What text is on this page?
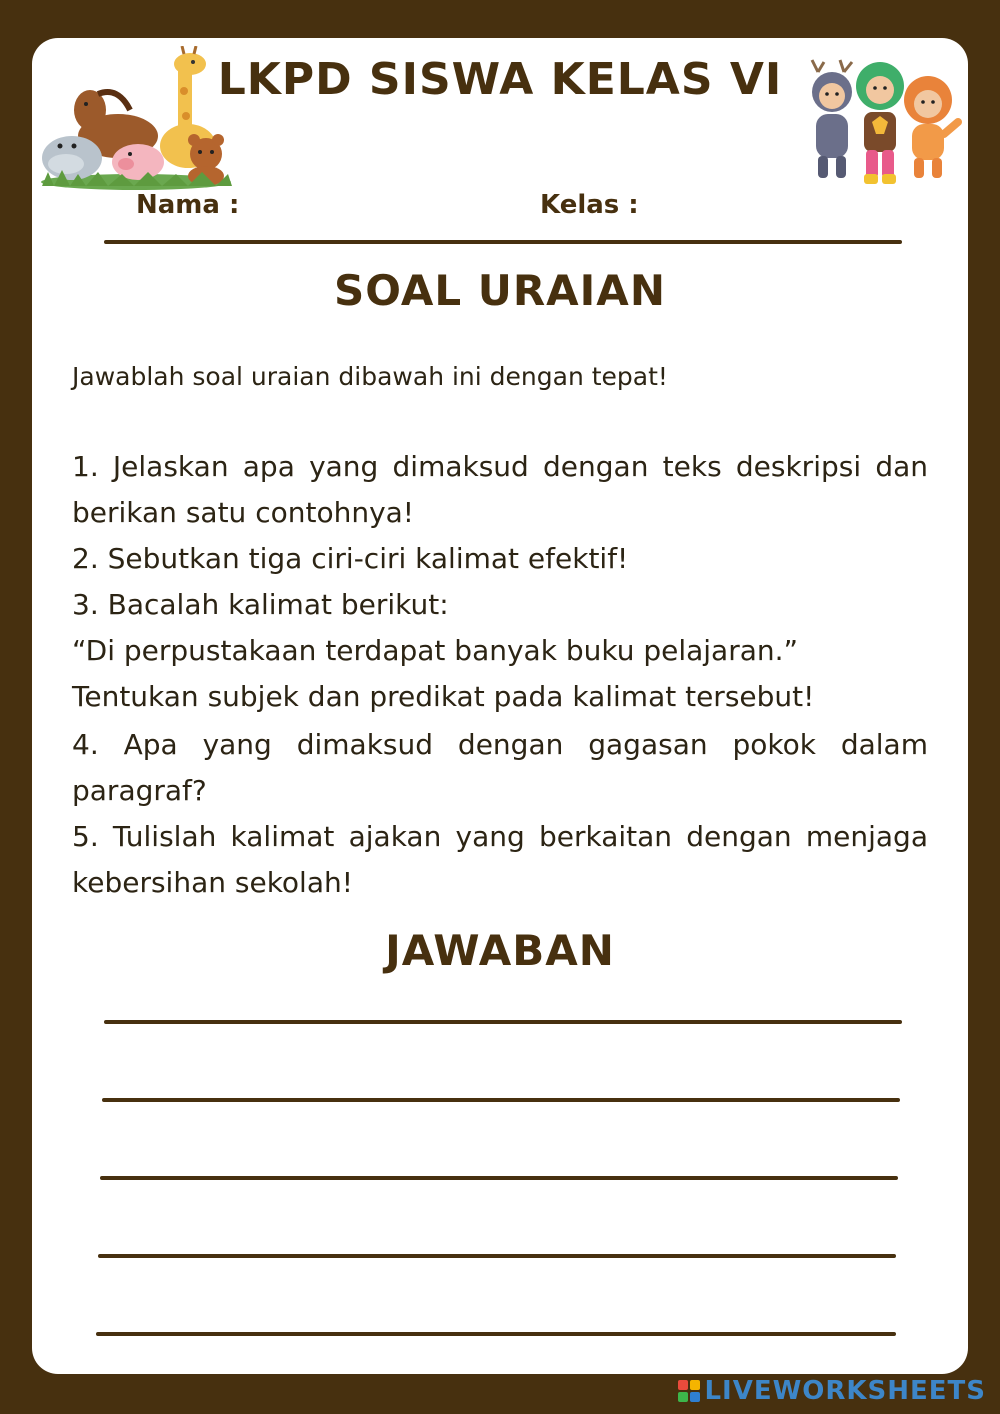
LKPD SISWA KELAS VI
Nama :	Kelas :
SOAL URAIAN
Jawablah soal uraian dibawah ini dengan tepat!
1. Jelaskan apa yang dimaksud dengan teks deskripsi dan berikan satu contohnya!
2. Sebutkan tiga ciri-ciri kalimat efektif!
3. Bacalah kalimat berikut:
“Di perpustakaan terdapat banyak buku pelajaran.”
Tentukan subjek dan predikat pada kalimat tersebut!
4. Apa yang dimaksud dengan gagasan pokok dalam paragraf?
5. Tulislah kalimat ajakan yang berkaitan dengan menjaga kebersihan sekolah!
JAWABAN
LIVEWORKSHEETS
